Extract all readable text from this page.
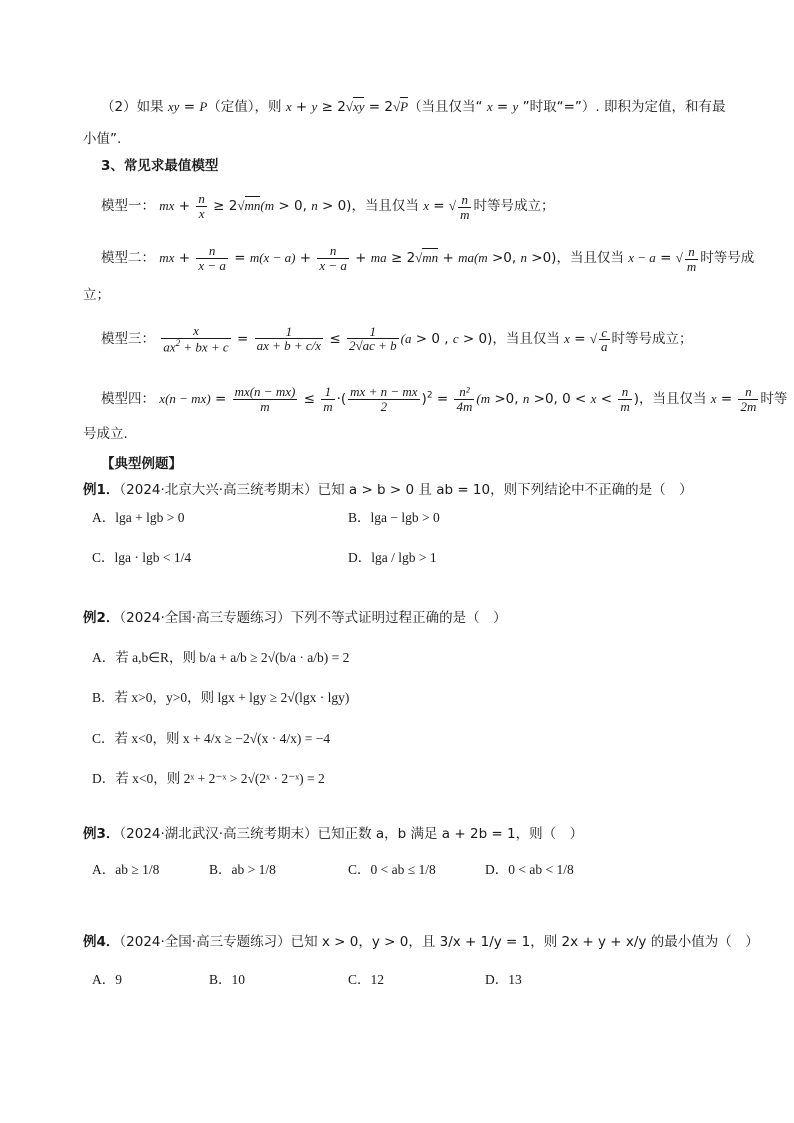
（2）如果 xy = P（定值），则 x + y ≥ 2√ xy = 2√ P（当且仅当“ x = y ”时取“=”）. 即积为定值，和有最
小值”.
3、常见求最值模型
模型一： mx + $\frac{n}{x} \ge 2√$ mn(m > 0, n > 0)，当且仅当 x = √ $\frac{n}{m}$ 时等号成立；
模型二： mx + $\frac{n}{x - a} = m(x - a) + \frac{n}{x - a}$ + ma ≥ 2√ mn + ma(m >0, n >0)，当且仅当 x − a = √ $\frac{n}{m}$ 时等号成
立；
模型三： $\frac{x}{ax^2 + bx + c} = \frac{1}{ax + b + c/x} \le \frac{1}{2√ac + b} (a > 0$ , c > 0)，当且仅当 x = √ $\frac{c}{a}$ 时等号成立；
模型四： $x(n - mx) = \frac{mx(n - mx)}{m} \le \frac{1}{m}$ ·( $\frac{mx + n - mx}{2} )^2 = \frac{\text{n²}}{4m} (m >0$, n >0, $0 < x < \frac{n}{m}$ )，当且仅当 $x = \frac{n}{2m}$ 时等
号成立.
【典型例题】
例1．（2024·北京大兴·高三统考期末）已知 a > b > 0 且 ab = 10，则下列结论中不正确的是（　）
A．lga + lgb > 0	B．lga − lgb > 0
C．lga · lgb < 1/4	D．lga / lgb > 1
例2．（2024·全国·高三专题练习）下列不等式证明过程正确的是（　）
A．若 a,b∈R，则 b/a + a/b ≥ 2√(b/a · a/b) = 2
B．若 x>0，y>0，则 lgx + lgy ≥ 2√(lgx · lgy)
C．若 x<0，则 x + 4/x ≥ −2√(x · 4/x) = −4
D．若 x<0，则 2ˣ + 2⁻ˣ > 2√(2ˣ · 2⁻ˣ) = 2
例3．（2024·湖北武汉·高三统考期末）已知正数 a，b 满足 a + 2b = 1，则（　）
A．ab ≥ 1/8	B．ab > 1/8	C．0 < ab ≤ 1/8	D．0 < ab < 1/8
例4．（2024·全国·高三专题练习）已知 x > 0，y > 0，且 3/x + 1/y = 1，则 2x + y + x/y 的最小值为（　）
A．9	B．10	C．12	D．13
